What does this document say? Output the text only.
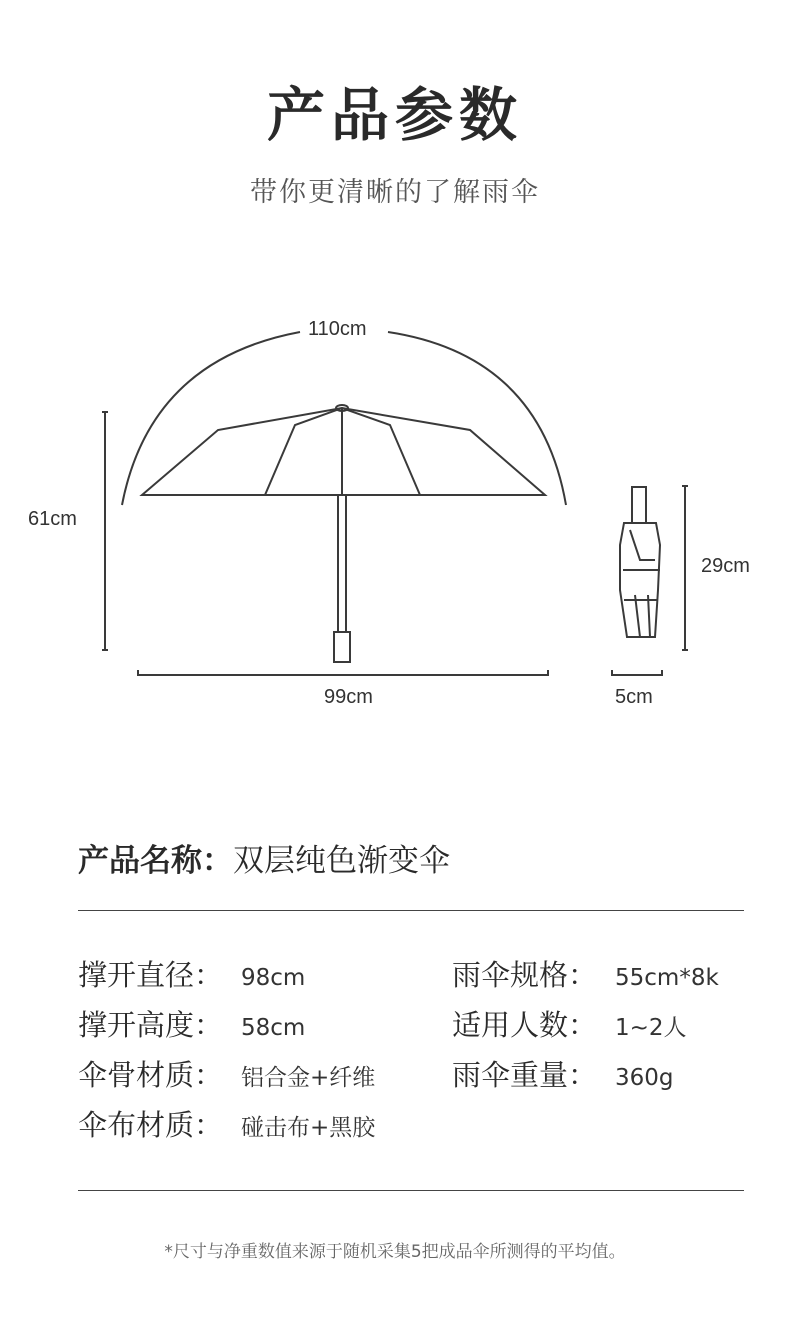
产品参数
带你更清晰的了解雨伞
110cm
61cm
99cm
29cm
5cm
产品名称：双层纯色渐变伞
撑开直径： 98cm
撑开高度： 58cm
伞骨材质： 铝合金+纤维
伞布材质： 碰击布+黑胶
雨伞规格： 55cm*8k
适用人数： 1~2人
雨伞重量： 360g
*尺寸与净重数值来源于随机采集5把成品伞所测得的平均值。
